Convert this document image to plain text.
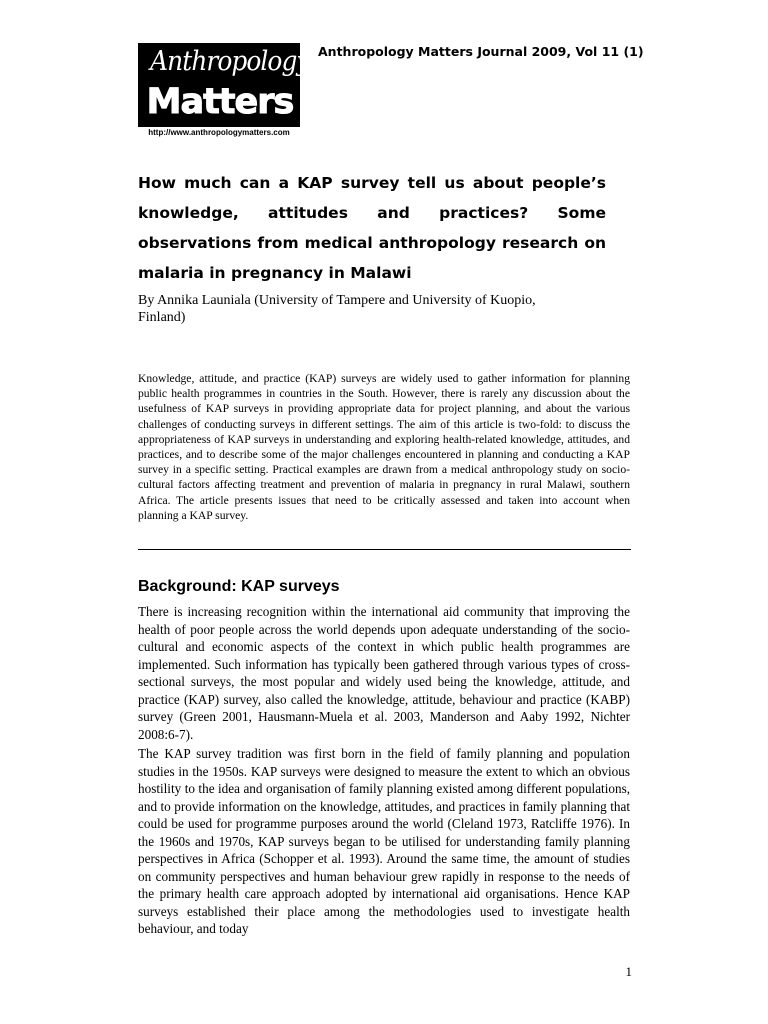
Anthropology
Matters
http://www.anthropologymatters.com
Anthropology Matters Journal 2009, Vol 11 (1)
How much can a KAP survey tell us about people’s knowledge, attitudes and practices? Some observations from medical anthropology research on malaria in pregnancy in Malawi

By Annika Launiala (University of Tampere and University of Kuopio, Finland)

Knowledge, attitude, and practice (KAP) surveys are widely used to gather information for planning public health programmes in countries in the South. However, there is rarely any discussion about the usefulness of KAP surveys in providing appropriate data for project planning, and about the various challenges of conducting surveys in different settings. The aim of this article is two-fold: to discuss the appropriateness of KAP surveys in understanding and exploring health-related knowledge, attitudes, and practices, and to describe some of the major challenges encountered in planning and conducting a KAP survey in a specific setting. Practical examples are drawn from a medical anthropology study on socio-cultural factors affecting treatment and prevention of malaria in pregnancy in rural Malawi, southern Africa. The article presents issues that need to be critically assessed and taken into account when planning a KAP survey.

Background: KAP surveys

There is increasing recognition within the international aid community that improving the health of poor people across the world depends upon adequate understanding of the socio-cultural and economic aspects of the context in which public health programmes are implemented. Such information has typically been gathered through various types of cross-sectional surveys, the most popular and widely used being the knowledge, attitude, and practice (KAP) survey, also called the knowledge, attitude, behaviour and practice (KABP) survey (Green 2001, Hausmann-Muela et al. 2003, Manderson and Aaby 1992, Nichter 2008:6-7).

The KAP survey tradition was first born in the field of family planning and population studies in the 1950s. KAP surveys were designed to measure the extent to which an obvious hostility to the idea and organisation of family planning existed among different populations, and to provide information on the knowledge, attitudes, and practices in family planning that could be used for programme purposes around the world (Cleland 1973, Ratcliffe 1976). In the 1960s and 1970s, KAP surveys began to be utilised for understanding family planning perspectives in Africa (Schopper et al. 1993). Around the same time, the amount of studies on community perspectives and human behaviour grew rapidly in response to the needs of the primary health care approach adopted by international aid organisations. Hence KAP surveys established their place among the methodologies used to investigate health behaviour, and today

1
